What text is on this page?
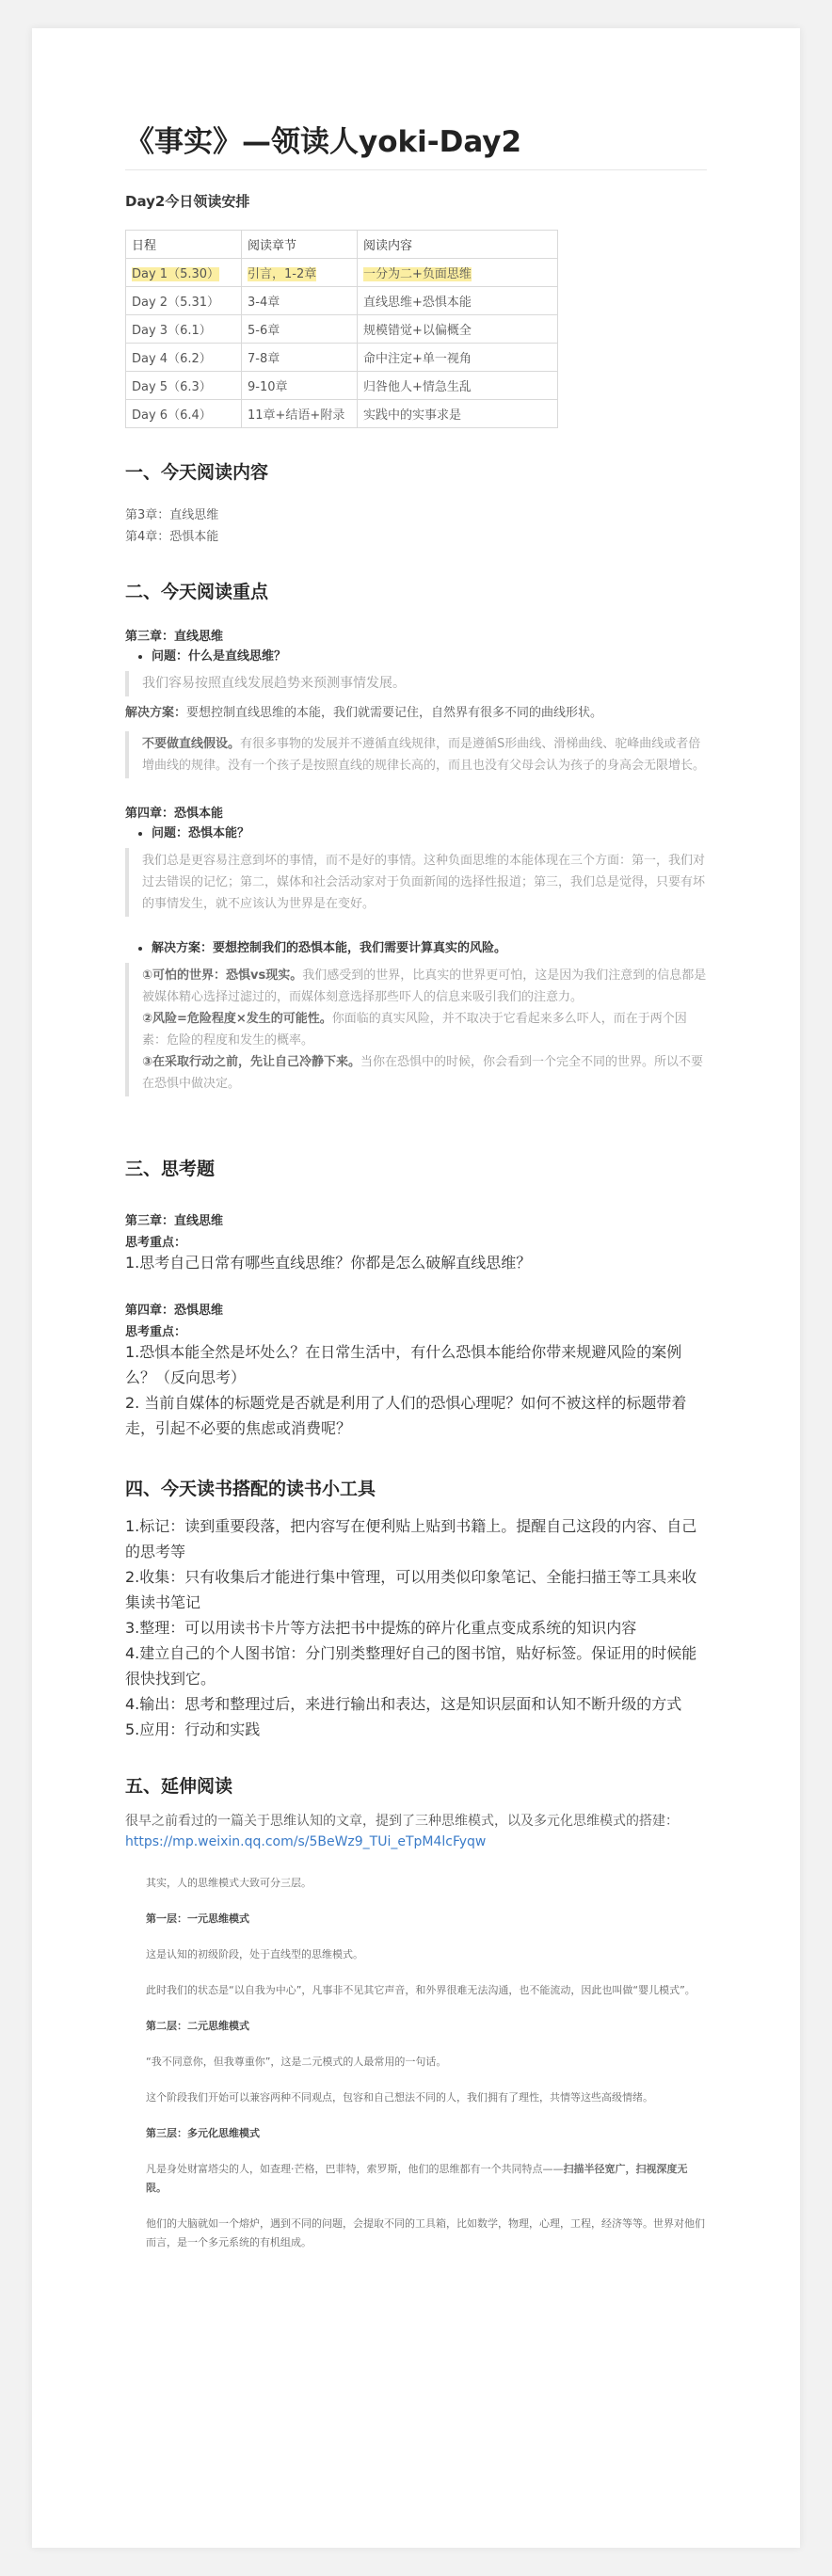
《事实》—领读人yoki-Day2
Day2今日领读安排
日程	阅读章节	阅读内容
Day 1（5.30）	引言，1-2章	一分为二+负面思维
Day 2（5.31）	3-4章	直线思维+恐惧本能
Day 3（6.1）	5-6章	规模错觉+以偏概全
Day 4（6.2）	7-8章	命中注定+单一视角
Day 5（6.3）	9-10章	归咎他人+情急生乱
Day 6（6.4）	11章+结语+附录	实践中的实事求是
一、今天阅读内容
第3章：直线思维
第4章：恐惧本能
二、今天阅读重点
第三章：直线思维
• 问题：什么是直线思维？
我们容易按照直线发展趋势来预测事情发展。
解决方案：要想控制直线思维的本能，我们就需要记住，自然界有很多不同的曲线形状。
不要做直线假设。有很多事物的发展并不遵循直线规律，而是遵循S形曲线、滑梯曲线、驼峰曲线或者倍增曲线的规律。没有一个孩子是按照直线的规律长高的，而且也没有父母会认为孩子的身高会无限增长。
第四章：恐惧本能
• 问题：恐惧本能？
我们总是更容易注意到坏的事情，而不是好的事情。这种负面思维的本能体现在三个方面：第一，我们对过去错误的记忆；第二，媒体和社会活动家对于负面新闻的选择性报道；第三，我们总是觉得，只要有坏的事情发生，就不应该认为世界是在变好。
• 解决方案：要想控制我们的恐惧本能，我们需要计算真实的风险。
①可怕的世界：恐惧vs现实。我们感受到的世界，比真实的世界更可怕，这是因为我们注意到的信息都是被媒体精心选择过滤过的，而媒体刻意选择那些吓人的信息来吸引我们的注意力。
②风险=危险程度×发生的可能性。你面临的真实风险，并不取决于它看起来多么吓人，而在于两个因素：危险的程度和发生的概率。
③在采取行动之前，先让自己冷静下来。当你在恐惧中的时候，你会看到一个完全不同的世界。所以不要在恐惧中做决定。
三、思考题
第三章：直线思维
思考重点：
1.思考自己日常有哪些直线思维？你都是怎么破解直线思维？
第四章：恐惧思维
思考重点：
1.恐惧本能全然是坏处么？在日常生活中，有什么恐惧本能给你带来规避风险的案例么？（反向思考）
2. 当前自媒体的标题党是否就是利用了人们的恐惧心理呢？如何不被这样的标题带着走，引起不必要的焦虑或消费呢？
四、今天读书搭配的读书小工具
1.标记：读到重要段落，把内容写在便利贴上贴到书籍上。提醒自己这段的内容、自己的思考等
2.收集：只有收集后才能进行集中管理，可以用类似印象笔记、全能扫描王等工具来收集读书笔记
3.整理：可以用读书卡片等方法把书中提炼的碎片化重点变成系统的知识内容
4.建立自己的个人图书馆：分门别类整理好自己的图书馆，贴好标签。保证用的时候能很快找到它。
4.输出：思考和整理过后，来进行输出和表达，这是知识层面和认知不断升级的方式
5.应用：行动和实践
五、延伸阅读
很早之前看过的一篇关于思维认知的文章，提到了三种思维模式，以及多元化思维模式的搭建：
https://mp.weixin.qq.com/s/5BeWz9_TUi_eTpM4lcFyqw
其实，人的思维模式大致可分三层。
第一层：一元思维模式
这是认知的初级阶段，处于直线型的思维模式。
此时我们的状态是“以自我为中心”，凡事非不见其它声音，和外界很难无法沟通，也不能流动，因此也叫做“婴儿模式”。
第二层：二元思维模式
“我不同意你，但我尊重你”，这是二元模式的人最常用的一句话。
这个阶段我们开始可以兼容两种不同观点，包容和自己想法不同的人，我们拥有了理性，共情等这些高级情绪。
第三层：多元化思维模式
凡是身处财富塔尖的人，如查理·芒格，巴菲特，索罗斯，他们的思维都有一个共同特点——扫描半径宽广，扫视深度无限。
他们的大脑就如一个熔炉，遇到不同的问题，会提取不同的工具箱，比如数学，物理，心理，工程，经济等等。世界对他们而言，是一个多元系统的有机组成。
